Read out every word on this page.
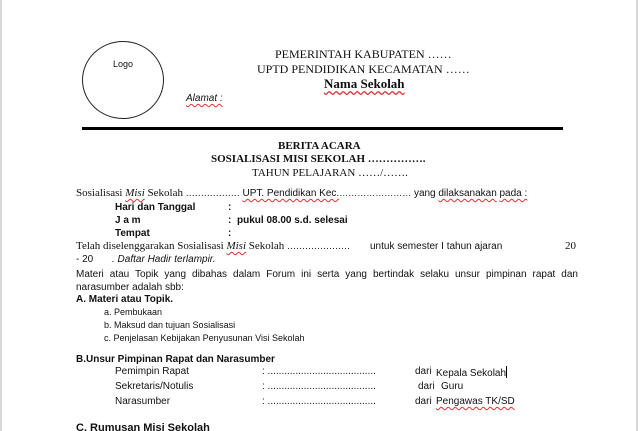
Logo
PEMERINTAH KABUPATEN ……
UPTD PENDIDIKAN KECAMATAN ……
Nama Sekolah
Alamat :
BERITA ACARA
SOSIALISASI MISI SEKOLAH …………….
TAHUN PELAJARAN ……/…….
Sosialisasi Misi Sekolah ……………… UPT. Pendidikan Kec.…………………… yang dilaksanakan pada :
Hari dan Tanggal	:
J a m	: pukul 08.00 s.d. selesai
Tempat	:
Telah diselenggarakan Sosialisasi Misi Sekolah ………………… untuk semester I tahun ajaran	20
- 20 . Daftar Hadir terlampir.
Materi atau Topik yang dibahas dalam Forum ini serta yang bertindak selaku unsur pimpinan rapat dan
narasumber adalah sbb:
A. Materi atau Topik.
a. Pembukaan
b. Maksud dan tujuan Sosialisasi
c. Penjelasan Kebijakan Penyusunan Visi Sekolah
B.Unsur Pimpinan Rapat dan Narasumber
Pemimpin Rapat	: .......................................	dari Kepala Sekolah
Sekretaris/Notulis	: .......................................	dari Guru
Narasumber	: .......................................	dari Pengawas TK/SD
C. Rumusan Misi Sekolah
